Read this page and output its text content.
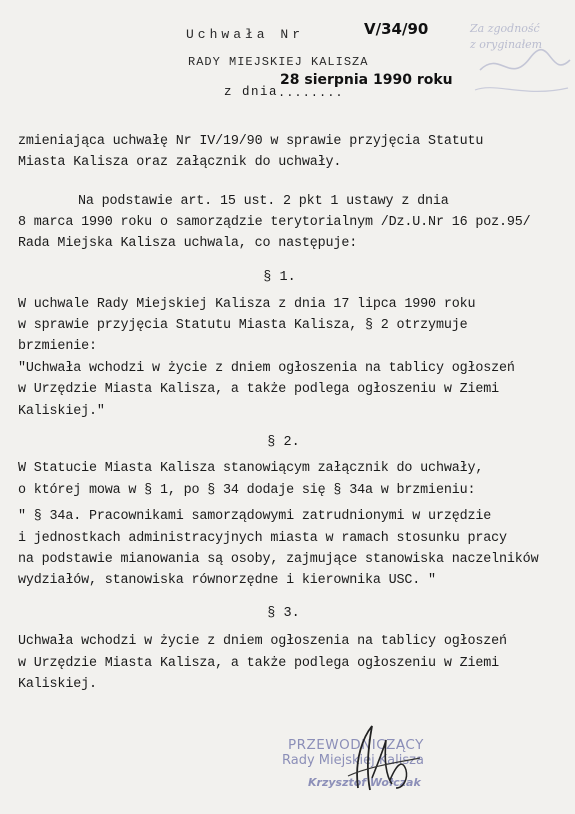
Za zgodność
z oryginałem
Uchwała Nr	V/34/90
RADY MIEJSKIEJ KALISZA
z dnia ........
28 sierpnia 1990 roku
zmieniająca uchwałę Nr IV/19/90 w sprawie przyjęcia Statutu
Miasta Kalisza oraz załącznik do uchwały.
Na podstawie art. 15 ust. 2 pkt 1 ustawy z dnia
8 marca 1990 roku o samorządzie terytorialnym /Dz.U.Nr 16 poz.95/
Rada Miejska Kalisza uchwala, co następuje:
§ 1.
W uchwale Rady Miejskiej Kalisza z dnia 17 lipca 1990 roku
w sprawie przyjęcia Statutu Miasta Kalisza, § 2 otrzymuje
brzmienie:
"Uchwała wchodzi w życie z dniem ogłoszenia na tablicy ogłoszeń
w Urzędzie Miasta Kalisza, a także podlega ogłoszeniu w Ziemi
Kaliskiej."
§ 2.
W Statucie Miasta Kalisza stanowiącym załącznik do uchwały,
o której mowa w § 1, po § 34 dodaje się § 34a w brzmieniu:
" § 34a. Pracownikami samorządowymi zatrudnionymi w urzędzie
i jednostkach administracyjnych miasta w ramach stosunku pracy
na podstawie mianowania są osoby, zajmujące stanowiska naczelników
wydziałów, stanowiska równorzędne i kierownika USC. "
§ 3.
Uchwała wchodzi w życie z dniem ogłoszenia na tablicy ogłoszeń
w Urzędzie Miasta Kalisza, a także podlega ogłoszeniu w Ziemi
Kaliskiej.
PRZEWODNICZĄCY
Rady Miejskiej Kalisza
Krzysztof Wołczak
